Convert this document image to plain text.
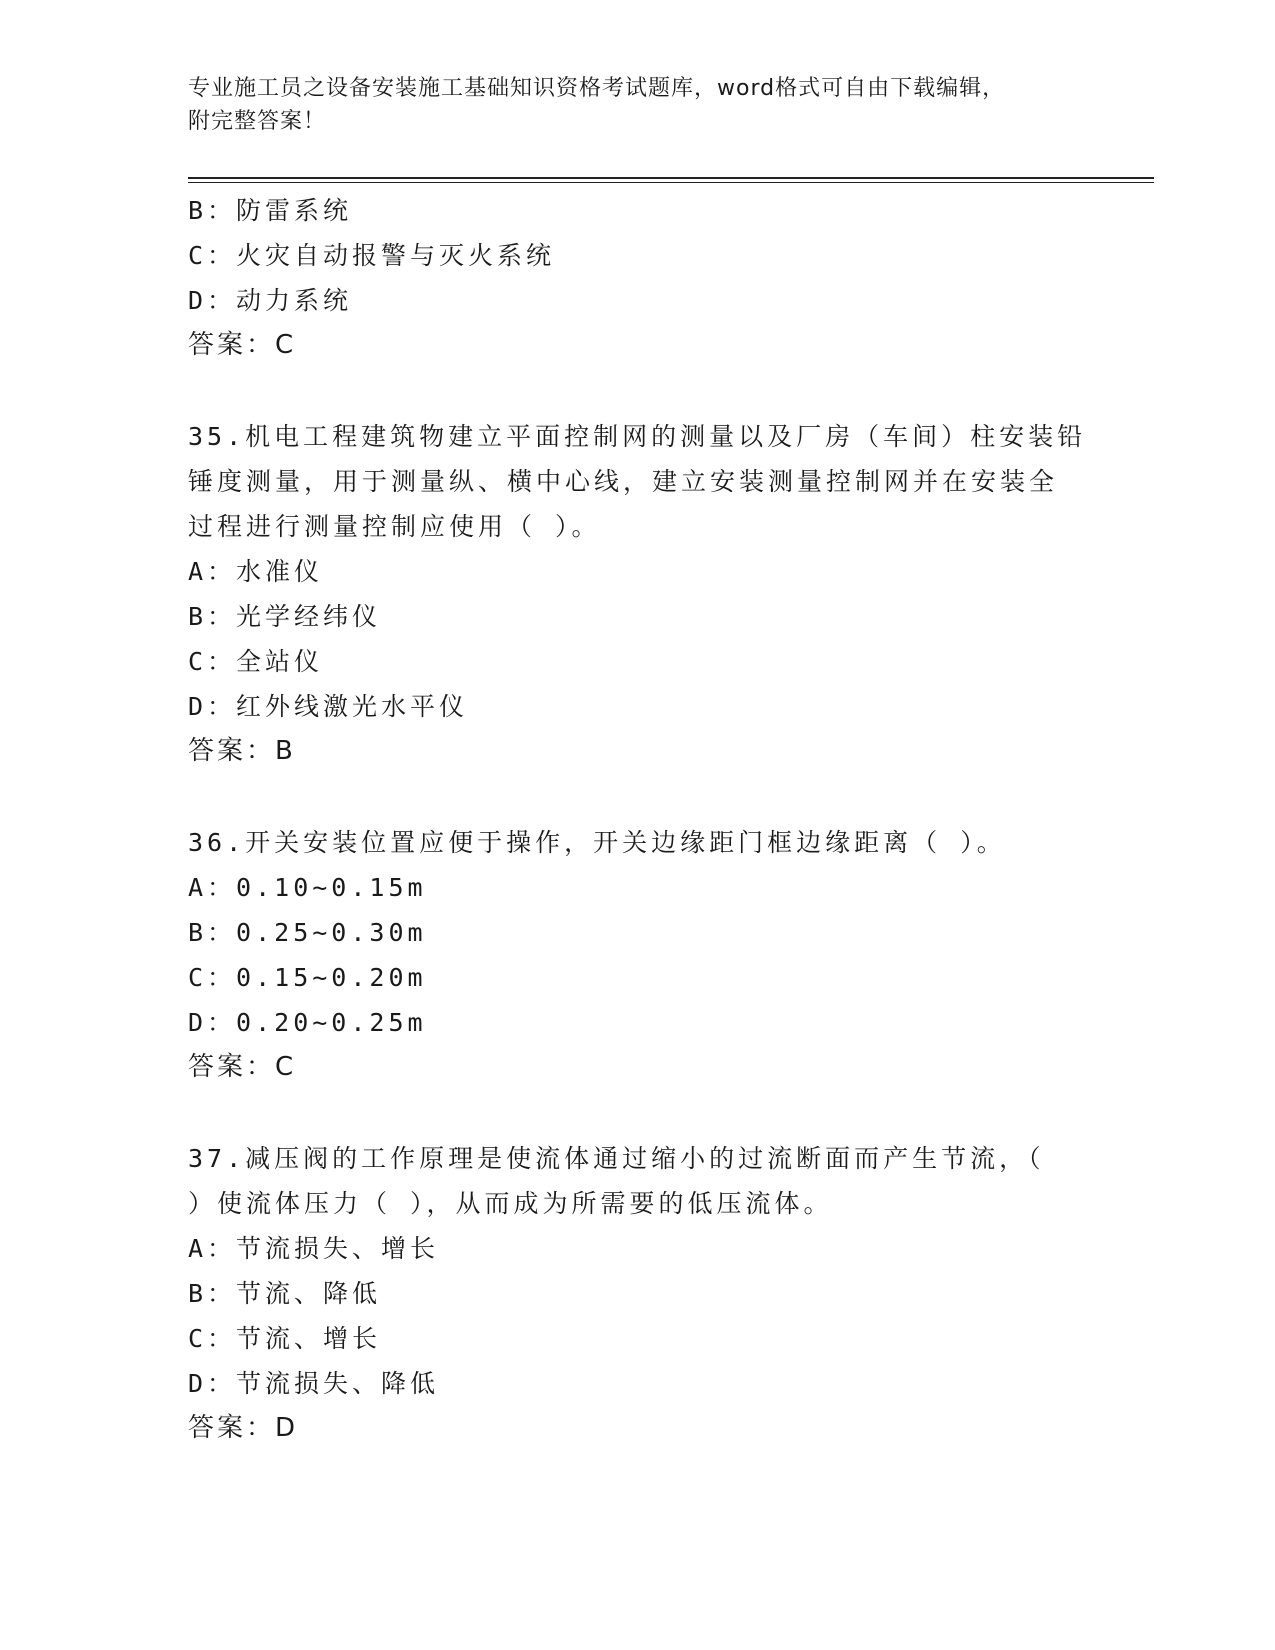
专业施工员之设备安装施工基础知识资格考试题库，word格式可自由下载编辑，
附完整答案！
B：防雷系统
C：火灾自动报警与灭火系统
D：动力系统
答案：C
35.机电工程建筑物建立平面控制网的测量以及厂房（车间）柱安装铅
锤度测量，用于测量纵、横中心线，建立安装测量控制网并在安装全
过程进行测量控制应使用（ ）。
A：水准仪
B：光学经纬仪
C：全站仪
D：红外线激光水平仪
答案：B
36.开关安装位置应便于操作，开关边缘距门框边缘距离（ ）。
A：0.10~0.15m
B：0.25~0.30m
C：0.15~0.20m
D：0.20~0.25m
答案：C
37.减压阀的工作原理是使流体通过缩小的过流断面而产生节流，（
）使流体压力（ ），从而成为所需要的低压流体。
A：节流损失、增长
B：节流、降低
C：节流、增长
D：节流损失、降低
答案：D
